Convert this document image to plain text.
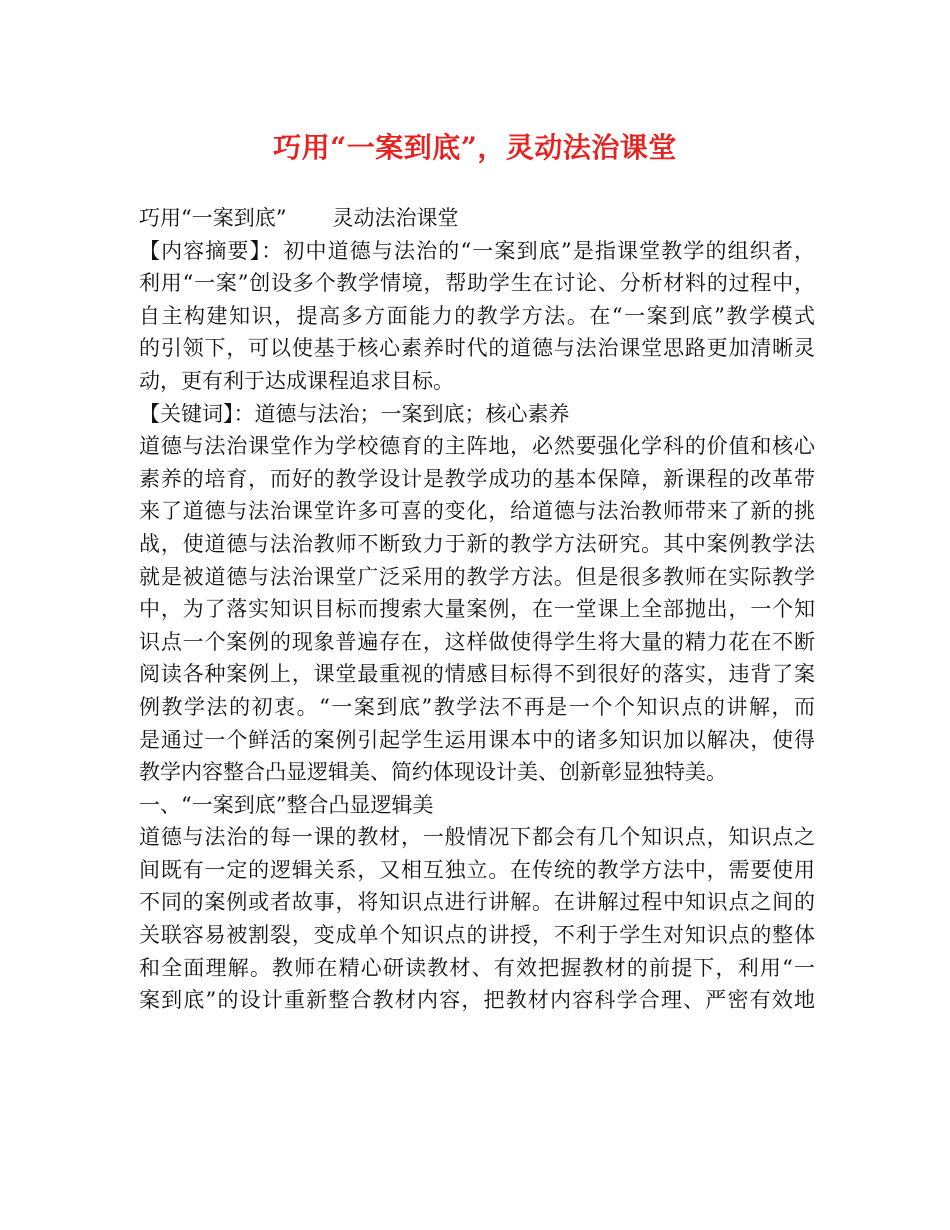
巧用“一案到底”，灵动法治课堂
巧用“一案到底” 灵动法治课堂
【内容摘要】：初中道德与法治的“一案到底”是指课堂教学的组织者，
利用“一案”创设多个教学情境，帮助学生在讨论、分析材料的过程中，
自主构建知识，提高多方面能力的教学方法。在“一案到底”教学模式
的引领下，可以使基于核心素养时代的道德与法治课堂思路更加清晰灵
动，更有利于达成课程追求目标。
【关键词】：道德与法治；一案到底；核心素养
道德与法治课堂作为学校德育的主阵地，必然要强化学科的价值和核心
素养的培育，而好的教学设计是教学成功的基本保障，新课程的改革带
来了道德与法治课堂许多可喜的变化，给道德与法治教师带来了新的挑
战，使道德与法治教师不断致力于新的教学方法研究。其中案例教学法
就是被道德与法治课堂广泛采用的教学方法。但是很多教师在实际教学
中，为了落实知识目标而搜索大量案例，在一堂课上全部抛出，一个知
识点一个案例的现象普遍存在，这样做使得学生将大量的精力花在不断
阅读各种案例上，课堂最重视的情感目标得不到很好的落实，违背了案
例教学法的初衷。“一案到底”教学法不再是一个个知识点的讲解，而
是通过一个鲜活的案例引起学生运用课本中的诸多知识加以解决，使得
教学内容整合凸显逻辑美、简约体现设计美、创新彰显独特美。
一、“一案到底”整合凸显逻辑美
道德与法治的每一课的教材，一般情况下都会有几个知识点，知识点之
间既有一定的逻辑关系，又相互独立。在传统的教学方法中，需要使用
不同的案例或者故事，将知识点进行讲解。在讲解过程中知识点之间的
关联容易被割裂，变成单个知识点的讲授，不利于学生对知识点的整体
和全面理解。教师在精心研读教材、有效把握教材的前提下，利用“一
案到底”的设计重新整合教材内容，把教材内容科学合理、严密有效地
